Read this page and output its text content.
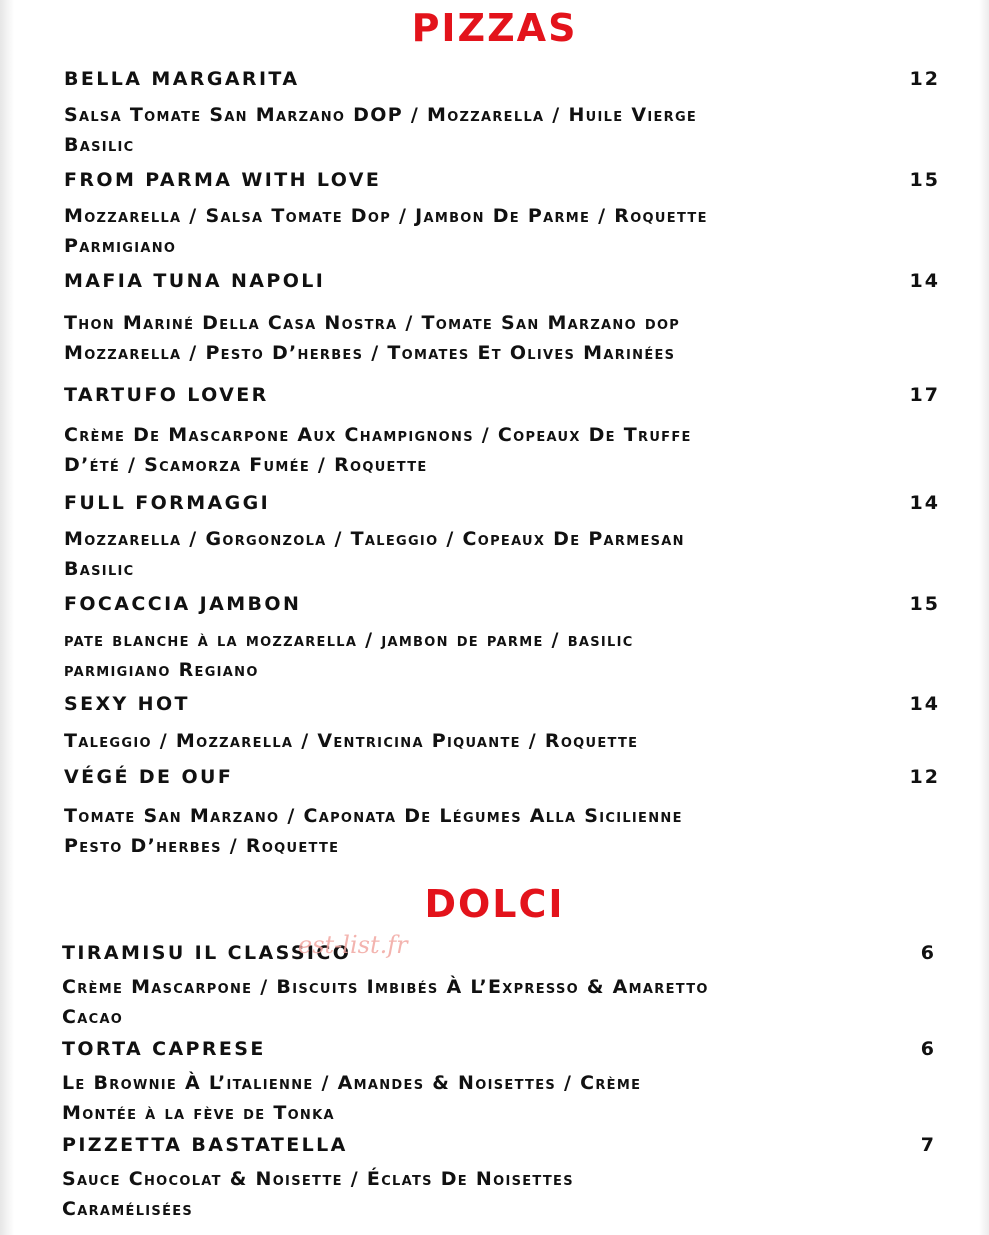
PIZZAS
BELLA MARGARITA	12
Salsa Tomate San Marzano DOP / Mozzarella / Huile Vierge
Basilic
FROM PARMA WITH LOVE	15
Mozzarella / Salsa Tomate Dop / Jambon De Parme / Roquette
Parmigiano
MAFIA TUNA NAPOLI	14
Thon Mariné Della Casa Nostra / Tomate San Marzano dop
Mozzarella / Pesto D’herbes / Tomates Et Olives Marinées
TARTUFO LOVER	17
Crème De Mascarpone Aux Champignons / Copeaux De Truffe
D’été / Scamorza Fumée / Roquette
FULL FORMAGGI	14
Mozzarella / Gorgonzola / Taleggio / Copeaux De Parmesan
Basilic
FOCACCIA JAMBON	15
pate blanche à la mozzarella / jambon de parme / basilic
parmigiano Regiano
SEXY HOT	14
Taleggio / Mozzarella / Ventricina Piquante / Roquette
VÉGÉ DE OUF	12
Tomate San Marzano / Caponata De Légumes Alla Sicilienne
Pesto D’herbes / Roquette
DOLCI
TIRAMISU IL CLASSICO	6
Crème Mascarpone / Biscuits Imbibés À L’Expresso & Amaretto
Cacao
TORTA CAPRESE	6
Le Brownie À L’italienne / Amandes & Noisettes / Crème
Montée à la fève de Tonka
PIZZETTA BASTATELLA	7
Sauce Chocolat & Noisette / Éclats De Noisettes
Caramélisées
est-list.fr
